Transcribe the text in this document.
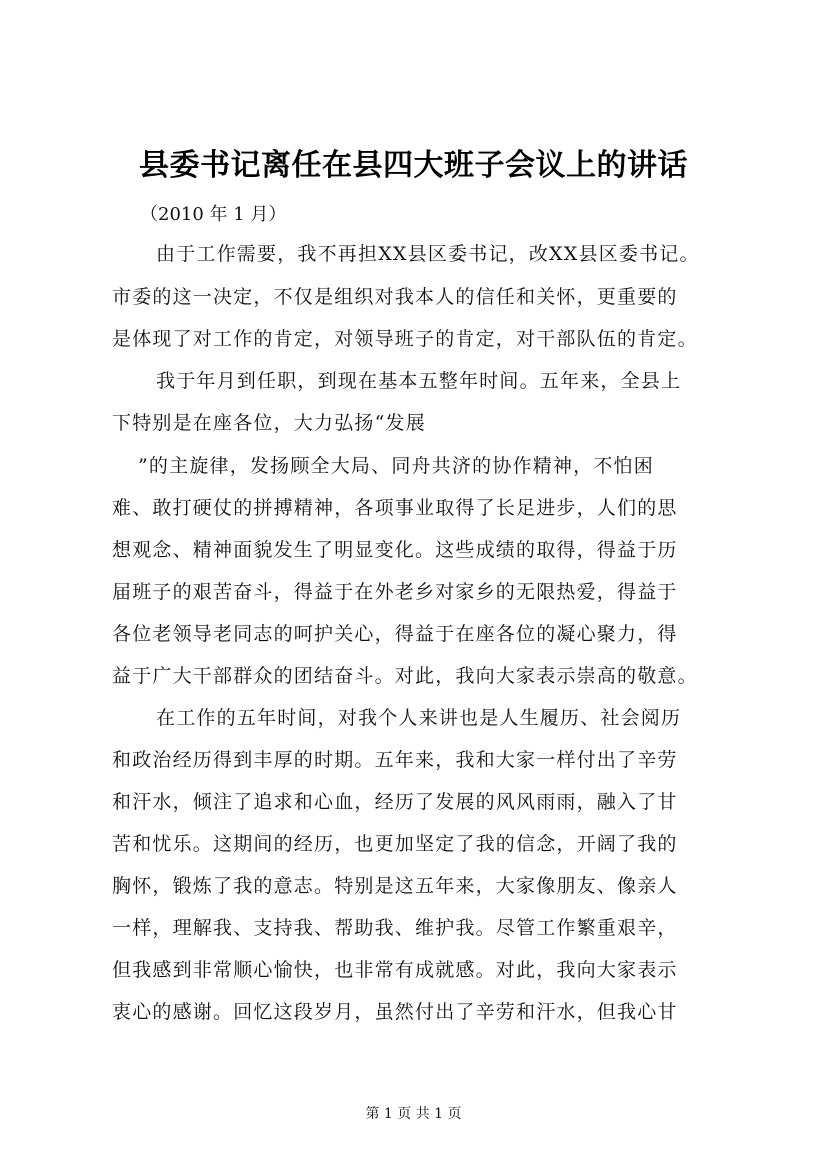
县委书记离任在县四大班子会议上的讲话
（2010 年 1 月）
由于工作需要，我不再担XX县区委书记，改XX县区委书记。
市委的这一决定，不仅是组织对我本人的信任和关怀，更重要的
是体现了对工作的肯定，对领导班子的肯定，对干部队伍的肯定。
我于年月到任职，到现在基本五整年时间。五年来，全县上
下特别是在座各位，大力弘扬“发展
”的主旋律，发扬顾全大局、同舟共济的协作精神，不怕困
难、敢打硬仗的拼搏精神，各项事业取得了长足进步，人们的思
想观念、精神面貌发生了明显变化。这些成绩的取得，得益于历
届班子的艰苦奋斗，得益于在外老乡对家乡的无限热爱，得益于
各位老领导老同志的呵护关心，得益于在座各位的凝心聚力，得
益于广大干部群众的团结奋斗。对此，我向大家表示崇高的敬意。
在工作的五年时间，对我个人来讲也是人生履历、社会阅历
和政治经历得到丰厚的时期。五年来，我和大家一样付出了辛劳
和汗水，倾注了追求和心血，经历了发展的风风雨雨，融入了甘
苦和忧乐。这期间的经历，也更加坚定了我的信念，开阔了我的
胸怀，锻炼了我的意志。特别是这五年来，大家像朋友、像亲人
一样，理解我、支持我、帮助我、维护我。尽管工作繁重艰辛，
但我感到非常顺心愉快，也非常有成就感。对此，我向大家表示
衷心的感谢。回忆这段岁月，虽然付出了辛劳和汗水，但我心甘
第 1 页 共 1 页
